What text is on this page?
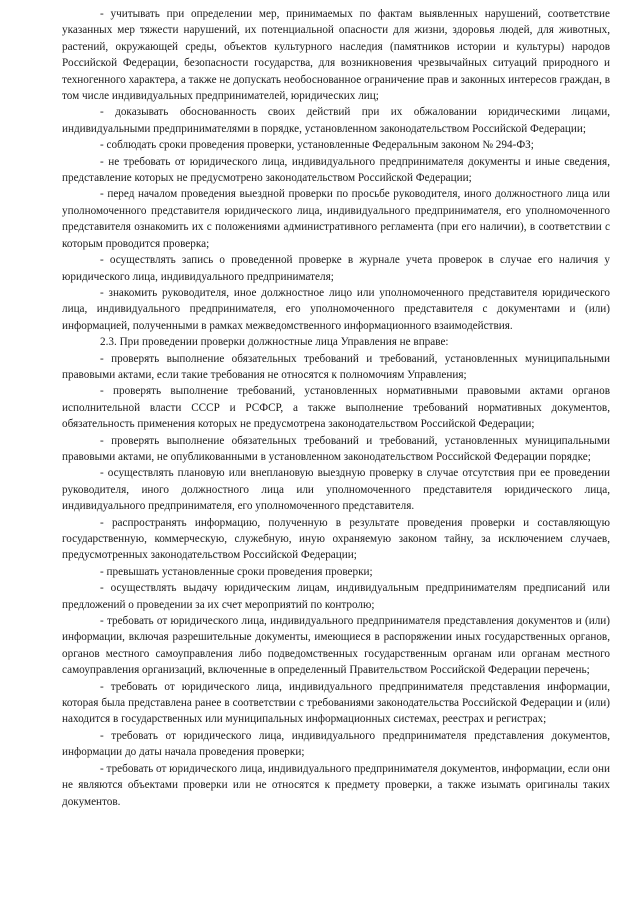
- учитывать при определении мер, принимаемых по фактам выявленных нарушений, соответствие указанных мер тяжести нарушений, их потенциальной опасности для жизни, здоровья людей, для животных, растений, окружающей среды, объектов культурного наследия (памятников истории и культуры) народов Российской Федерации, безопасности государства, для возникновения чрезвычайных ситуаций природного и техногенного характера, а также не допускать необоснованное ограничение прав и законных интересов граждан, в том числе индивидуальных предпринимателей, юридических лиц;

- доказывать обоснованность своих действий при их обжаловании юридическими лицами, индивидуальными предпринимателями в порядке, установленном законодательством Российской Федерации;

- соблюдать сроки проведения проверки, установленные Федеральным законом № 294-ФЗ;

- не требовать от юридического лица, индивидуального предпринимателя документы и иные сведения, представление которых не предусмотрено законодательством Российской Федерации;

- перед началом проведения выездной проверки по просьбе руководителя, иного должностного лица или уполномоченного представителя юридического лица, индивидуального предпринимателя, его уполномоченного представителя ознакомить их с положениями административного регламента (при его наличии), в соответствии с которым проводится проверка;

- осуществлять запись о проведенной проверке в журнале учета проверок в случае его наличия у юридического лица, индивидуального предпринимателя;

- знакомить руководителя, иное должностное лицо или уполномоченного представителя юридического лица, индивидуального предпринимателя, его уполномоченного представителя с документами и (или) информацией, полученными в рамках межведомственного информационного взаимодействия.

2.3. При проведении проверки должностные лица Управления не вправе:

- проверять выполнение обязательных требований и требований, установленных муниципальными правовыми актами, если такие требования не относятся к полномочиям Управления;

- проверять выполнение требований, установленных нормативными правовыми актами органов исполнительной власти СССР и РСФСР, а также выполнение требований нормативных документов, обязательность применения которых не предусмотрена законодательством Российской Федерации;

- проверять выполнение обязательных требований и требований, установленных муниципальными правовыми актами, не опубликованными в установленном законодательством Российской Федерации порядке;

- осуществлять плановую или внеплановую выездную проверку в случае отсутствия при ее проведении руководителя, иного должностного лица или уполномоченного представителя юридического лица, индивидуального предпринимателя, его уполномоченного представителя.

- распространять информацию, полученную в результате проведения проверки и составляющую государственную, коммерческую, служебную, иную охраняемую законом тайну, за исключением случаев, предусмотренных законодательством Российской Федерации;

- превышать установленные сроки проведения проверки;

- осуществлять выдачу юридическим лицам, индивидуальным предпринимателям предписаний или предложений о проведении за их счет мероприятий по контролю;

- требовать от юридического лица, индивидуального предпринимателя представления документов и (или) информации, включая разрешительные документы, имеющиеся в распоряжении иных государственных органов, органов местного самоуправления либо подведомственных государственным органам или органам местного самоуправления организаций, включенные в определенный Правительством Российской Федерации перечень;

- требовать от юридического лица, индивидуального предпринимателя представления информации, которая была представлена ранее в соответствии с требованиями законодательства Российской Федерации и (или) находится в государственных или муниципальных информационных системах, реестрах и регистрах;

- требовать от юридического лица, индивидуального предпринимателя представления документов, информации до даты начала проведения проверки;

- требовать от юридического лица, индивидуального предпринимателя документов, информации, если они не являются объектами проверки или не относятся к предмету проверки, а также изымать оригиналы таких документов.
